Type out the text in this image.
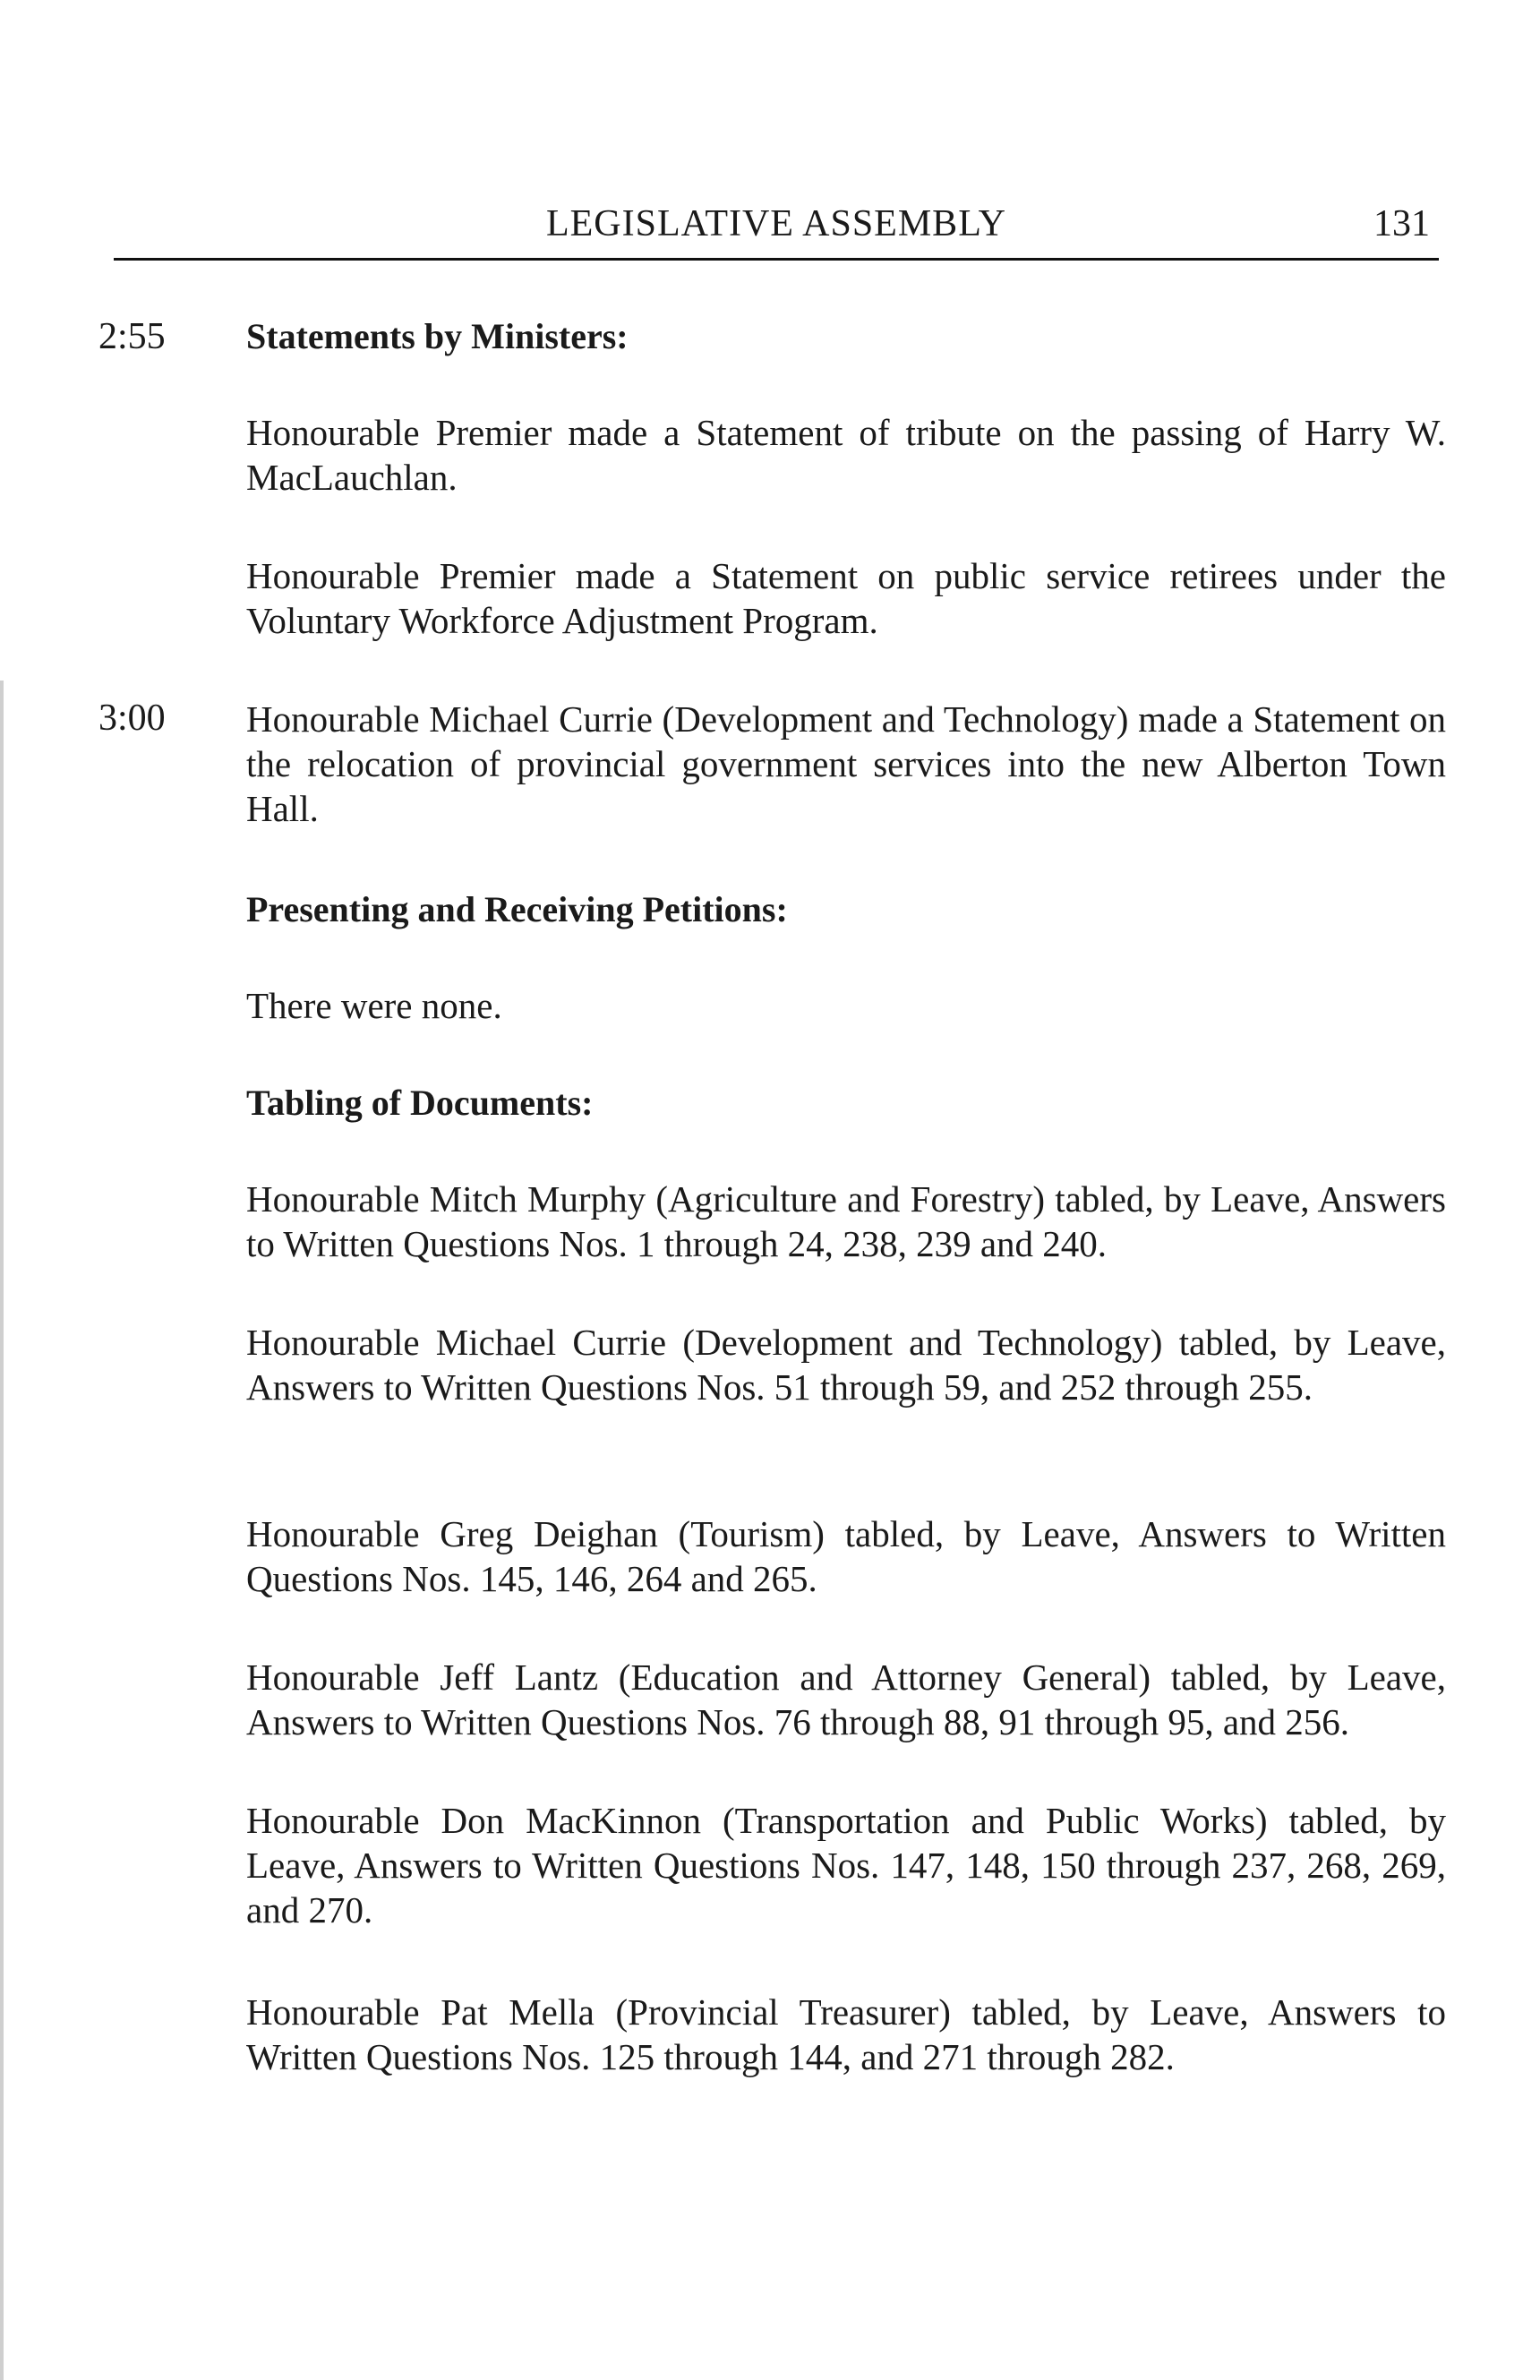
LEGISLATIVE ASSEMBLY	131
2:55 Statements by Ministers:
Honourable Premier made a Statement of tribute on the passing of Harry W. MacLauchlan.
Honourable Premier made a Statement on public service retirees under the Voluntary Workforce Adjustment Program.
3:00 Honourable Michael Currie (Development and Technology) made a Statement on the relocation of provincial government services into the new Alberton Town Hall.
Presenting and Receiving Petitions:
There were none.
Tabling of Documents:
Honourable Mitch Murphy (Agriculture and Forestry) tabled, by Leave, Answers to Written Questions Nos. 1 through 24, 238, 239 and 240.
Honourable Michael Currie (Development and Technology) tabled, by Leave, Answers to Written Questions Nos. 51 through 59, and 252 through 255.
Honourable Greg Deighan (Tourism) tabled, by Leave, Answers to Written Questions Nos. 145, 146, 264 and 265.
Honourable Jeff Lantz (Education and Attorney General) tabled, by Leave, Answers to Written Questions Nos. 76 through 88, 91 through 95, and 256.
Honourable Don MacKinnon (Transportation and Public Works) tabled, by Leave, Answers to Written Questions Nos. 147, 148, 150 through 237, 268, 269, and 270.
Honourable Pat Mella (Provincial Treasurer) tabled, by Leave, Answers to Written Questions Nos. 125 through 144, and 271 through 282.
